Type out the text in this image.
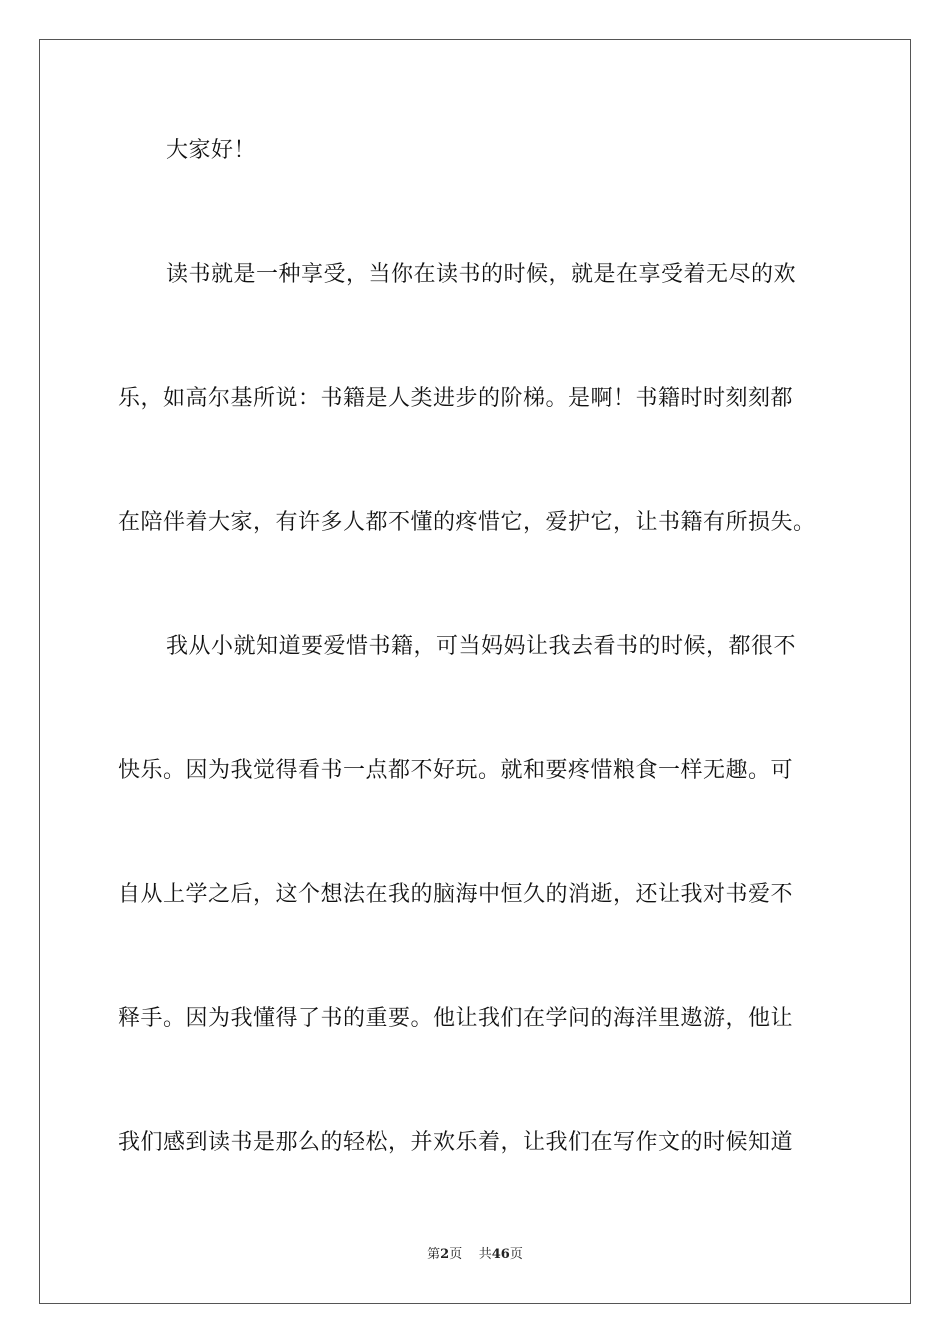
大家好！
读书就是一种享受，当你在读书的时候，就是在享受着无尽的欢
乐，如高尔基所说：书籍是人类进步的阶梯。是啊！书籍时时刻刻都
在陪伴着大家，有许多人都不懂的疼惜它，爱护它，让书籍有所损失。
我从小就知道要爱惜书籍，可当妈妈让我去看书的时候，都很不
快乐。因为我觉得看书一点都不好玩。就和要疼惜粮食一样无趣。可
自从上学之后，这个想法在我的脑海中恒久的消逝，还让我对书爱不
释手。因为我懂得了书的重要。他让我们在学问的海洋里遨游，他让
我们感到读书是那么的轻松，并欢乐着，让我们在写作文的时候知道
第2页 共46页
